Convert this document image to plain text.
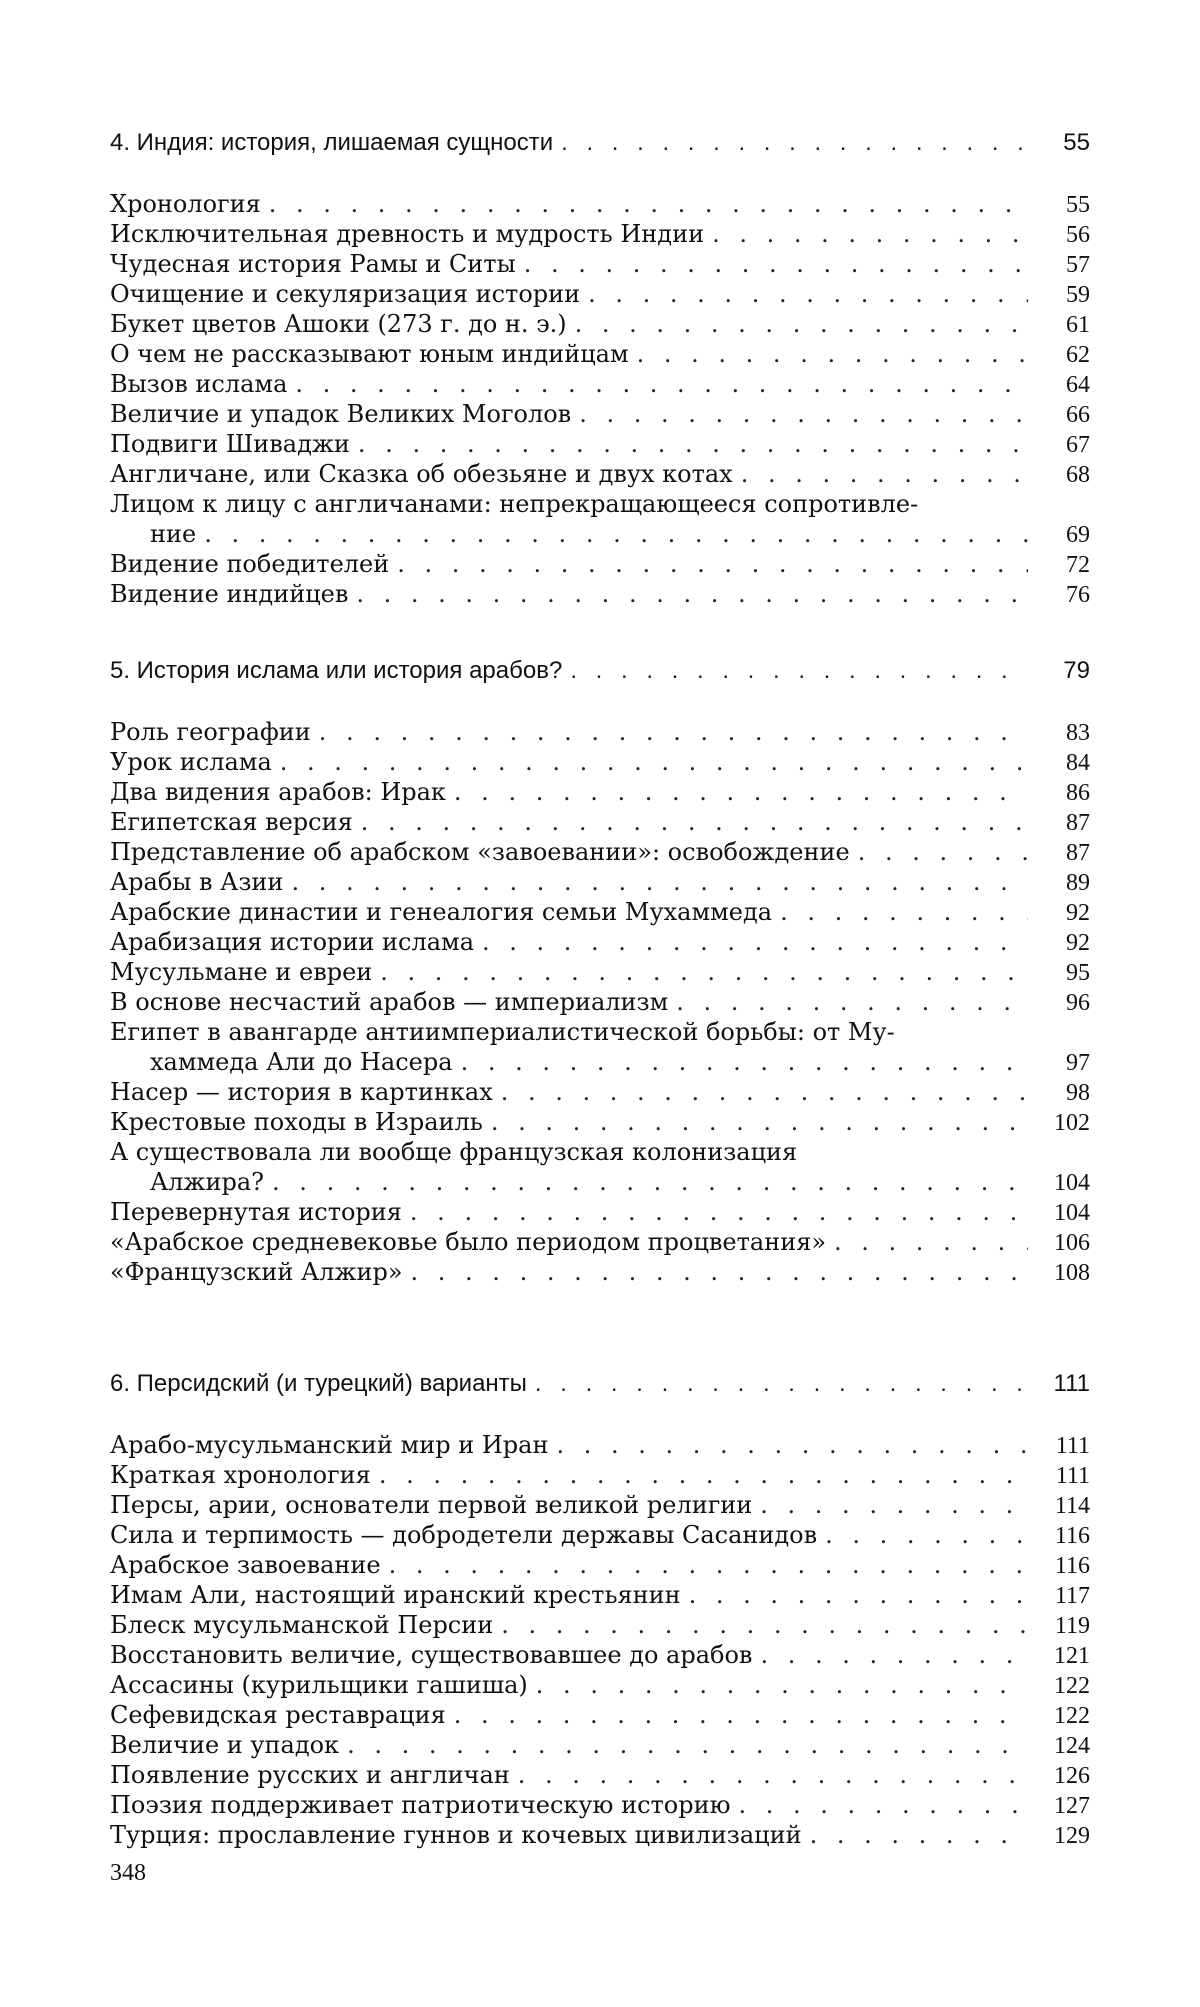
4. Индия: история, лишаемая сущности . . .	55
Хронология . . .	55
Исключительная древность и мудрость Индии . . .	56
Чудесная история Рамы и Ситы . . .	57
Очищение и секуляризация истории . . .	59
Букет цветов Ашоки (273 г. до н. э.) . . .	61
О чем не рассказывают юным индийцам . . .	62
Вызов ислама . . .	64
Величие и упадок Великих Моголов . . .	66
Подвиги Шиваджи . . .	67
Англичане, или Сказка об обезьяне и двух котах . . .	68
Лицом к лицу с англичанами: непрекращающееся сопротивле-
ние . . .	69
Видение победителей . . .	72
Видение индийцев . . .	76
5. История ислама или история арабов? . . .	79
Роль географии . . .	83
Урок ислама . . .	84
Два видения арабов: Ирак . . .	86
Египетская версия . . .	87
Представление об арабском «завоевании»: освобождение . . .	87
Арабы в Азии . . .	89
Арабские династии и генеалогия семьи Мухаммеда . . .	92
Арабизация истории ислама . . .	92
Мусульмане и евреи . . .	95
В основе несчастий арабов — империализм . . .	96
Египет в авангарде антиимпериалистической борьбы: от Му-
хаммеда Али до Насера . . .	97
Насер — история в картинках . . .	98
Крестовые походы в Израиль . . .	102
А существовала ли вообще французская колонизация
Алжира? . . .	104
Перевернутая история . . .	104
«Арабское средневековье было периодом процветания» . . .	106
«Французский Алжир» . . .	108
6. Персидский (и турецкий) варианты . . .	111
Арабо-мусульманский мир и Иран . . .	111
Краткая хронология . . .	111
Персы, арии, основатели первой великой религии . . .	114
Сила и терпимость — добродетели державы Сасанидов . . .	116
Арабское завоевание . . .	116
Имам Али, настоящий иранский крестьянин . . .	117
Блеск мусульманской Персии . . .	119
Восстановить величие, существовавшее до арабов . . .	121
Ассасины (курильщики гашиша) . . .	122
Сефевидская реставрация . . .	122
Величие и упадок . . .	124
Появление русских и англичан . . .	126
Поэзия поддерживает патриотическую историю . . .	127
Турция: прославление гуннов и кочевых цивилизаций . . .	129
348
